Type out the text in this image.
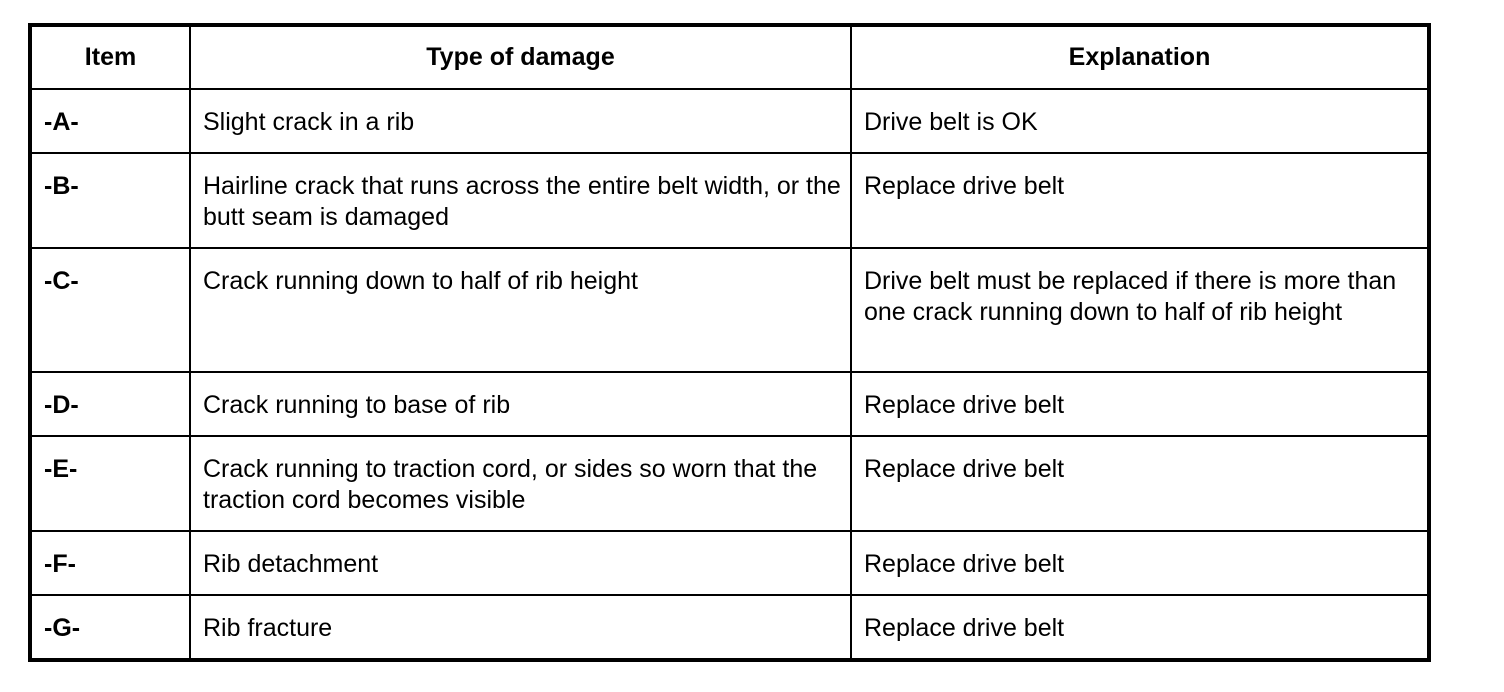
Item	Type of damage	Explanation

-A-	Slight crack in a rib	Drive belt is OK

-B-	Hairline crack that runs across the entire belt width, or the butt seam is damaged	Replace drive belt

-C-	Crack running down to half of rib height	Drive belt must be replaced if there is more than one crack running down to half of rib height

-D-	Crack running to base of rib	Replace drive belt

-E-	Crack running to traction cord, or sides so worn that the traction cord becomes visible	Replace drive belt

-F-	Rib detachment	Replace drive belt

-G-	Rib fracture	Replace drive belt
